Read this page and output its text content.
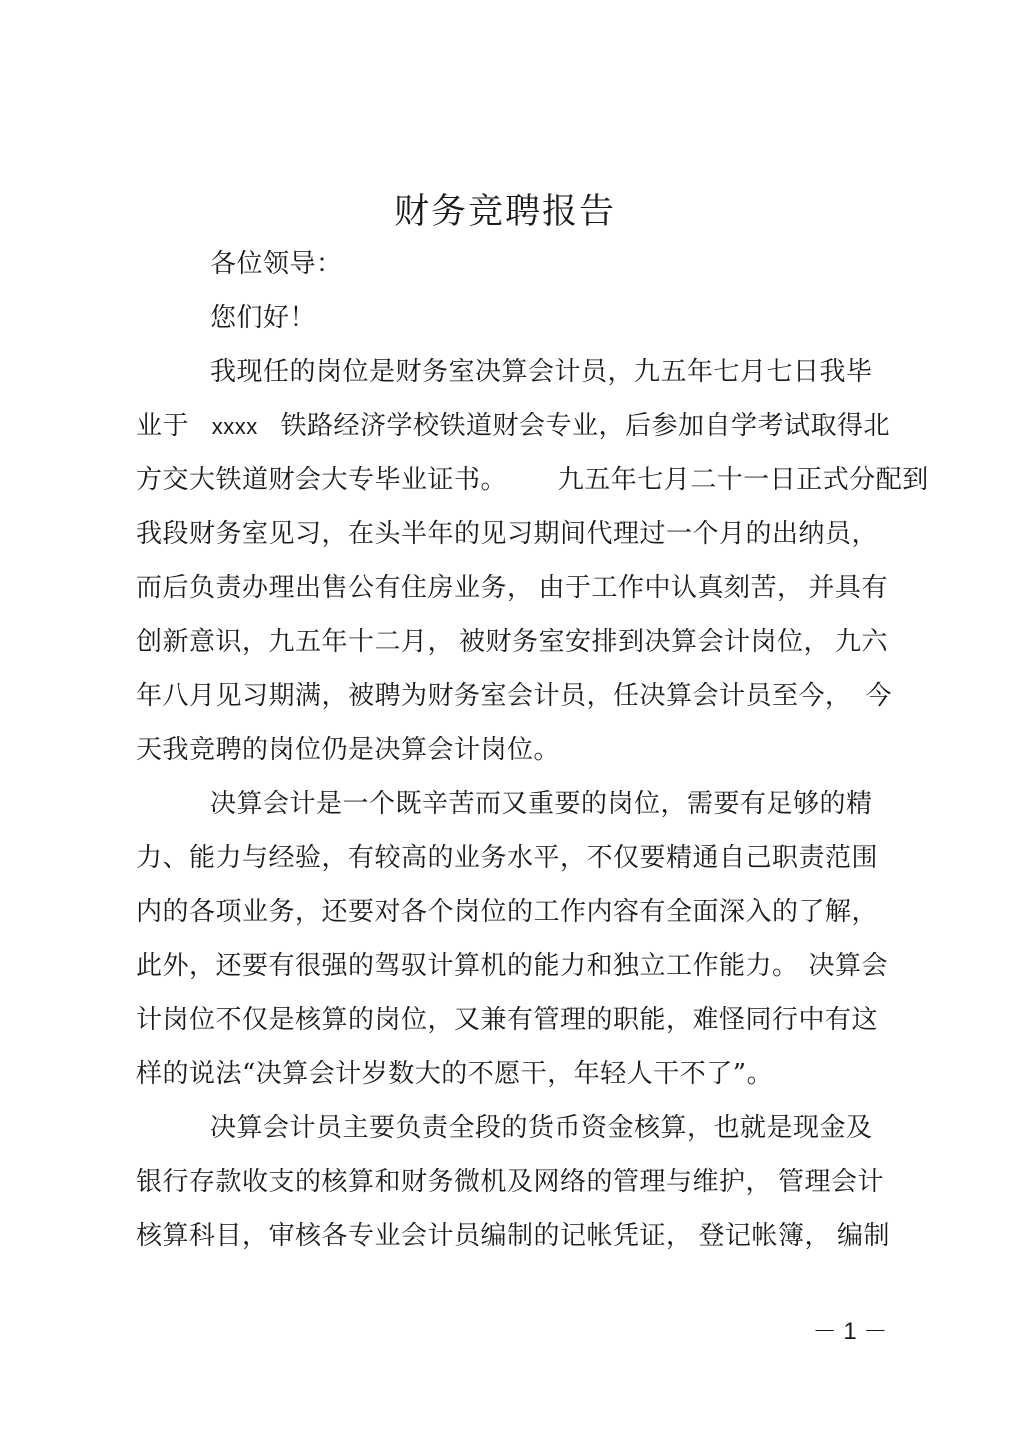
财务竞聘报告
各位领导：
您们好！
我现任的岗位是财务室决算会计员，九五年七月七日我毕
业于 xxxx 铁路经济学校铁道财会专业，后参加自学考试取得北
方交大铁道财会大专毕业证书。 九五年七月二十一日正式分配到
我段财务室见习，在头半年的见习期间代理过一个月的出纳员，
而后负责办理出售公有住房业务， 由于工作中认真刻苦， 并具有
创新意识，九五年十二月， 被财务室安排到决算会计岗位， 九六
年八月见习期满，被聘为财务室会计员，任决算会计员至今， 今
天我竞聘的岗位仍是决算会计岗位。
决算会计是一个既辛苦而又重要的岗位，需要有足够的精
力、能力与经验，有较高的业务水平， 不仅要精通自己职责范围
内的各项业务，还要对各个岗位的工作内容有全面深入的了解，
此外，还要有很强的驾驭计算机的能力和独立工作能力。 决算会
计岗位不仅是核算的岗位， 又兼有管理的职能， 难怪同行中有这
样的说法“决算会计岁数大的不愿干，年轻人干不了”。
决算会计员主要负责全段的货币资金核算，也就是现金及
银行存款收支的核算和财务微机及网络的管理与维护， 管理会计
核算科目，审核各专业会计员编制的记帐凭证， 登记帐簿， 编制
－ 1 －
